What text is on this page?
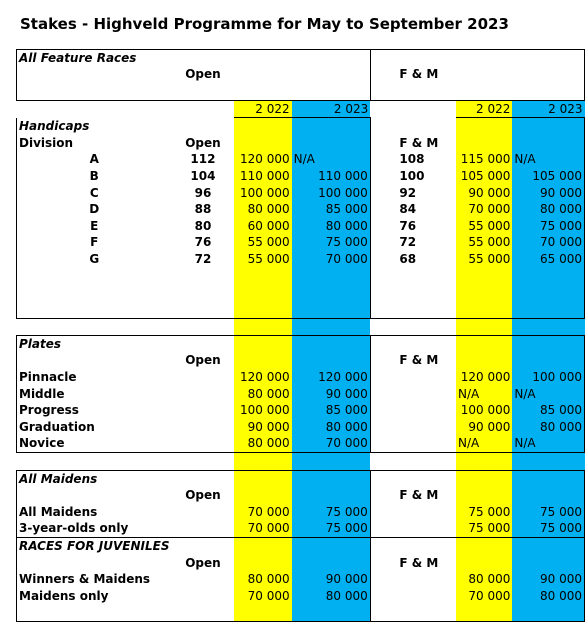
Stakes - Highveld Programme for May to September 2023
All Feature Races							
	Open				F & M		

		2 022	2 023			2 022	2 023
Handicaps							
Division	Open				F & M		
A	112	120 000	N/A		108	115 000	N/A
B	104	110 000	110 000		100	105 000	105 000
C	96	100 000	100 000		92	90 000	90 000
D	88	80 000	85 000		84	70 000	80 000
E	80	60 000	80 000		76	55 000	75 000
F	76	55 000	75 000		72	55 000	70 000
G	72	55 000	70 000		68	55 000	65 000

Plates							
	Open				F & M		
Pinnacle		120 000	120 000			120 000	100 000
Middle		80 000	90 000			N/A	N/A
Progress		100 000	85 000			100 000	85 000
Graduation		90 000	80 000			90 000	80 000
Novice		80 000	70 000			N/A	N/A

All Maidens							
	Open				F & M		
All Maidens		70 000	75 000			75 000	75 000
3-year-olds only		70 000	75 000			75 000	75 000
RACES FOR JUVENILES							
	Open				F & M		
Winners & Maidens		80 000	90 000			80 000	90 000
Maidens only		70 000	80 000			70 000	80 000
